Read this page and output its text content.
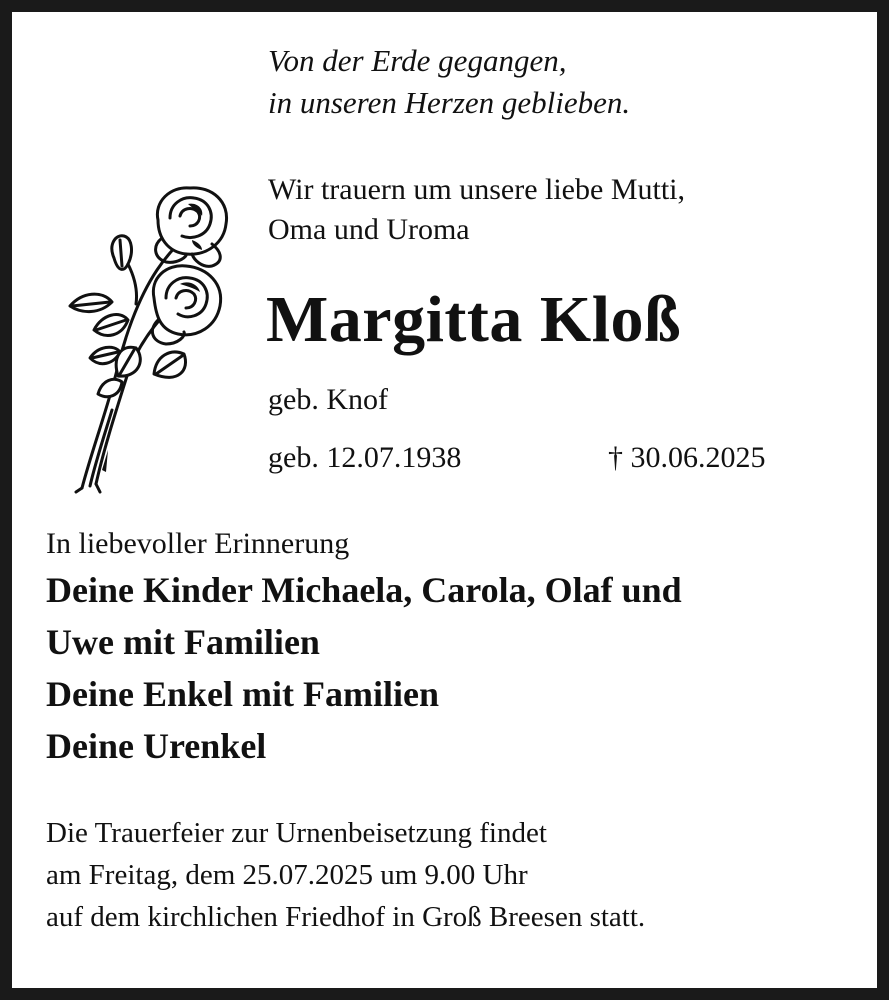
Von der Erde gegangen,
in unseren Herzen geblieben.
Wir trauern um unsere liebe Mutti,
Oma und Uroma
Margitta Kloß
geb. Knof
geb. 12.07.1938	† 30.06.2025
In liebevoller Erinnerung
Deine Kinder Michaela, Carola, Olaf und
Uwe mit Familien
Deine Enkel mit Familien
Deine Urenkel
Die Trauerfeier zur Urnenbeisetzung findet
am Freitag, dem 25.07.2025 um 9.00 Uhr
auf dem kirchlichen Friedhof in Groß Breesen statt.
